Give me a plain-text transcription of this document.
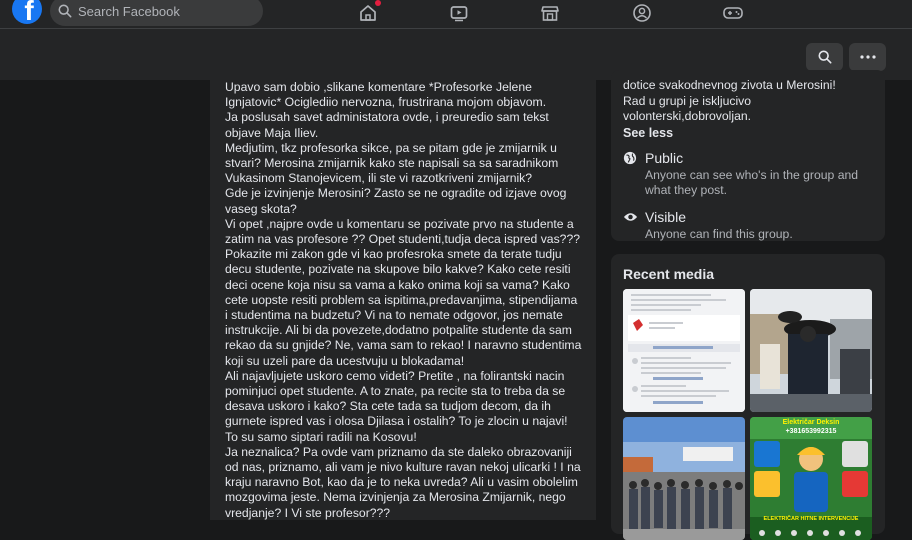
f
Search Facebook

Upavo sam dobio ,slikane komentare *Profesorke Jelene Ignjatovic* Ociglediio nervozna, frustrirana mojom objavom.

Ja poslusah savet administatora ovde, i preuredio sam tekst objave Maja Iliev.

Medjutim, tkz profesorka sikce, pa se pitam gde je zmijarnik u stvari? Merosina zmijarnik kako ste napisali sa sa saradnikom Vukasinom Stanojevicem, ili ste vi razotkriveni zmijarnik?

Gde je izvinjenje Merosini? Zasto se ne ogradite od izjave ovog vaseg skota?

Vi opet ,najpre ovde u komentaru se pozivate prvo na studente a zatim na vas profesore ?? Opet studenti,tudja deca ispred vas??? Pokazite mi zakon gde vi kao profesroka smete da terate tudju decu studente, pozivate na skupove bilo kakve? Kako cete resiti deci ocene koja nisu sa vama a kako onima koji sa vama? Kako cete uopste resiti problem sa ispitima,predavanjima, stipendijama i studentima na budzetu? Vi na to nemate odgovor, jos nemate instrukcije. Ali bi da povezete,dodatno potpalite studente da sam rekao da su gnjide? Ne, vama sam to rekao! I naravno studentima koji su uzeli pare da ucestvuju u blokadama!

Ali najavljujete uskoro cemo videti? Pretite , na folirantski nacin pominjuci opet studente. A to znate, pa recite sta to treba da se desava uskoro i kako? Sta cete tada sa tudjom decom, da ih gurnete ispred vas i olosa Djilasa i ostalih? To je zlocin u najavi!

To su samo siptari radili na Kosovu!

Ja neznalica? Pa ovde vam priznamo da ste daleko obrazovaniji od nas, priznamo, ali vam je nivo kulture ravan nekoj ulicarki ! I na kraju naravno Bot, kao da je to neka uvreda? Ali u vasim obolelim mozgovima jeste. Nema izvinjenja za Merosina Zmijarnik, nego vredjanje? I Vi ste profesor???

dotice svakodnevnog zivota u Merosini!
Rad u grupi je iskljucivo volonterski,dobrovoljan.
See less
Public
Anyone can see who's in the group and what they post.
Visible
Anyone can find this group.
Recent media
Električar Deksin
+381653992315
ELEKTRIČAR HITNE INTERVENCIJE
